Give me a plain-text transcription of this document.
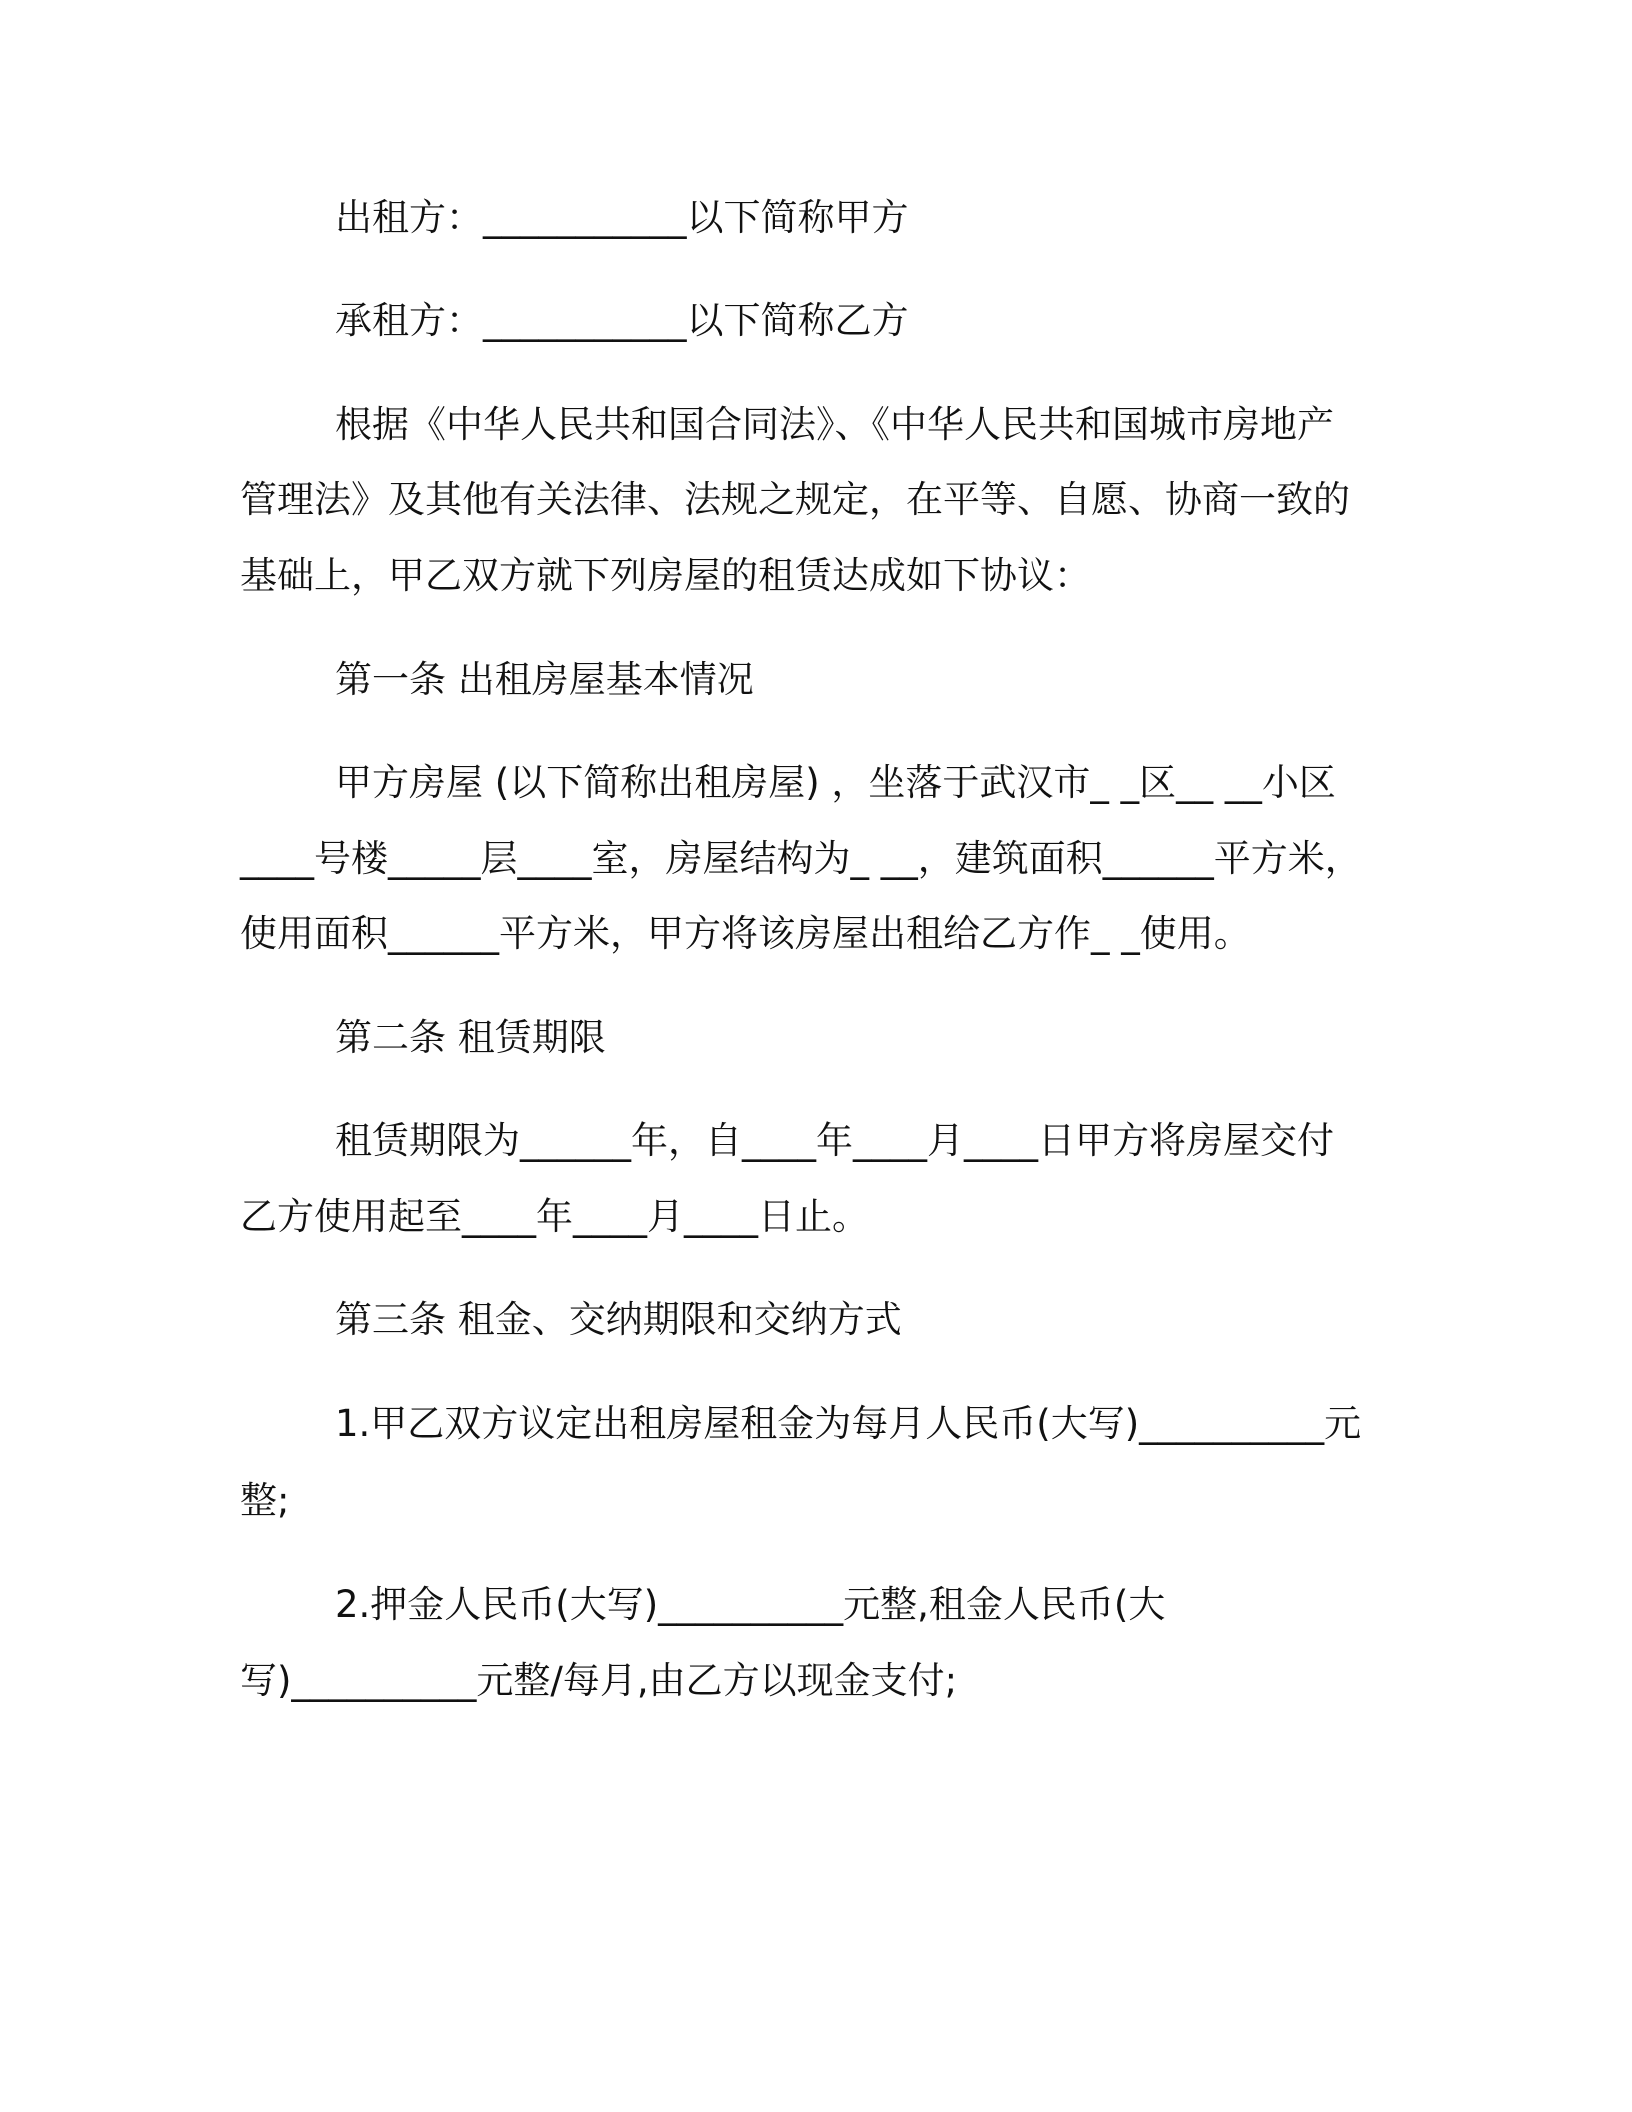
出租方：___________以下简称甲方
承租方：___________以下简称乙方
根据《中华人民共和国合同法》、《中华人民共和国城市房地产
管理法》及其他有关法律、法规之规定，在平等、自愿、协商一致的
基础上，甲乙双方就下列房屋的租赁达成如下协议：
第一条 出租房屋基本情况
甲方房屋 (以下简称出租房屋) ，坐落于武汉市_ _区__ __小区
____号楼_____层____室，房屋结构为_ __，建筑面积______平方米，
使用面积______平方米，甲方将该房屋出租给乙方作_ _使用。
第二条 租赁期限
租赁期限为______年，自____年____月____日甲方将房屋交付
乙方使用起至____年____月____日止。
第三条 租金、交纳期限和交纳方式
1.甲乙双方议定出租房屋租金为每月人民币(大写)__________元
整;
2.押金人民币(大写)__________元整,租金人民币(大
写)__________元整/每月,由乙方以现金支付;
